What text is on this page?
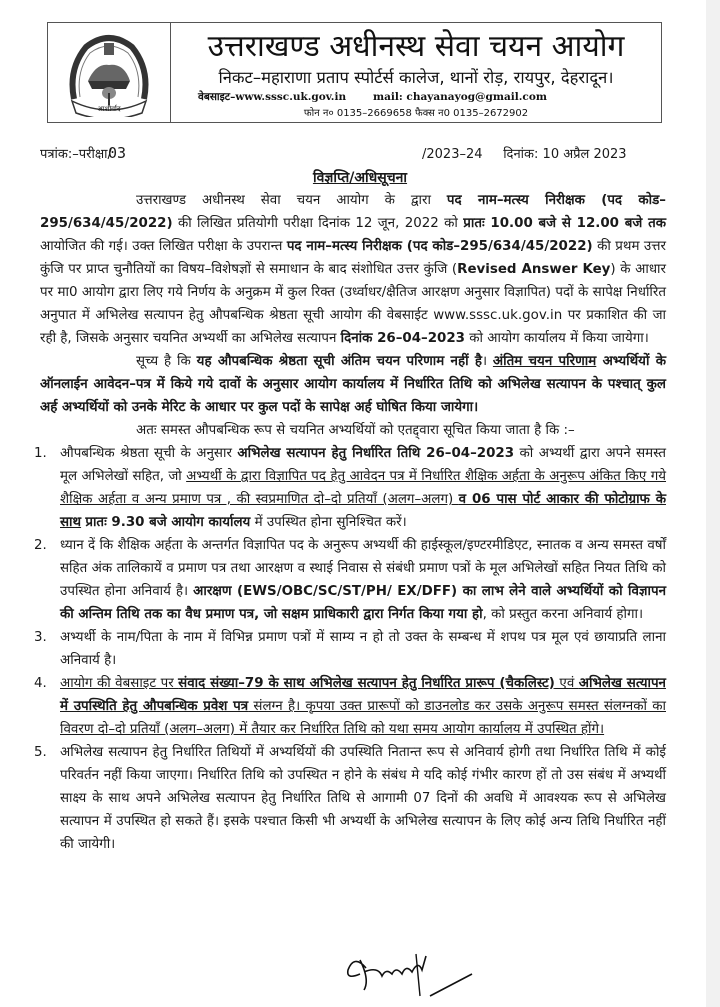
आशीर्वाद
उत्तराखण्ड अधीनस्थ सेवा चयन आयोग
निकट–महाराणा प्रताप स्पोर्टर्स कालेज, थानों रोड़, रायपुर, देहरादून।
वेबसाइट–www.sssc.uk.gov.in	mail: chayanayog@gmail.com
फोन न० 0135–2669658 फैक्स न0 0135–2672902
पत्रांक:–परीक्षा/
03	/2023–24 दिनांक: 10 अप्रैल 2023
विज्ञप्ति/अधिसूचना

उत्तराखण्ड अधीनस्थ सेवा चयन आयोग के द्वारा पद नाम–मत्स्य निरीक्षक (पद कोड–295/634/45/2022) की लिखित प्रतियोगी परीक्षा दिनांक 12 जून, 2022 को प्रातः 10.00 बजे से 12.00 बजे तक आयोजित की गई। उक्त लिखित परीक्षा के उपरान्त पद नाम–मत्स्य निरीक्षक (पद कोड–295/634/45/2022) की प्रथम उत्तर कुंजि पर प्राप्त चुनौतियों का विषय–विशेषज्ञों से समाधान के बाद संशोधित उत्तर कुंजि (Revised Answer Key) के आधार पर मा0 आयोग द्वारा लिए गये निर्णय के अनुक्रम में कुल रिक्त (उर्ध्वाधर/क्षैतिज आरक्षण अनुसार विज्ञापित) पदों के सापेक्ष निर्धारित अनुपात में अभिलेख सत्यापन हेतु औपबन्धिक श्रेष्ठता सूची आयोग की वेबसाईट www.sssc.uk.gov.in पर प्रकाशित की जा रही है, जिसके अनुसार चयनित अभ्यर्थी का अभिलेख सत्यापन दिनांक 26–04–2023 को आयोग कार्यालय में किया जायेगा।

सूच्य है कि यह औपबन्धिक श्रेष्ठता सूची अंतिम चयन परिणाम नहीं है। अंतिम चयन परिणाम अभ्यर्थियों के ऑनलाईन आवेदन–पत्र में किये गये दावों के अनुसार आयोग कार्यालय में निर्धारित तिथि को अभिलेख सत्यापन के पश्चात् कुल अर्ह अभ्यर्थियों को उनके मेरिट के आधार पर कुल पदों के सापेक्ष अर्ह घोषित किया जायेगा।

अतः समस्त औपबन्धिक रूप से चयनित अभ्यर्थियों को एतद्द्वारा सूचित किया जाता है कि :–

1. औपबन्धिक श्रेष्ठता सूची के अनुसार अभिलेख सत्यापन हेतु निर्धारित तिथि 26–04–2023 को अभ्यर्थी द्वारा अपने समस्त मूल अभिलेखों सहित, जो अभ्यर्थी के द्वारा विज्ञापित पद हेतु आवेदन पत्र में निर्धारित शैक्षिक अर्हता के अनुरूप अंकित किए गये शैक्षिक अर्हता व अन्य प्रमाण पत्र , की स्वप्रमाणित दो–दो प्रतियाँ (अलग–अलग) व 06 पास पोर्ट आकार की फोटोग्राफ के साथ प्रातः 9.30 बजे आयोग कार्यालय में उपस्थित होना सुनिश्चित करें।
2. ध्यान दें कि शैक्षिक अर्हता के अन्तर्गत विज्ञापित पद के अनुरूप अभ्यर्थी की हाईस्कूल/इण्टरमीडिएट, स्नातक व अन्य समस्त वर्षों सहित अंक तालिकायें व प्रमाण पत्र तथा आरक्षण व स्थाई निवास से संबंधी प्रमाण पत्रों के मूल अभिलेखों सहित नियत तिथि को उपस्थित होना अनिवार्य है। आरक्षण (EWS/OBC/SC/ST/PH/ EX/DFF) का लाभ लेने वाले अभ्यर्थियों को विज्ञापन की अन्तिम तिथि तक का वैध प्रमाण पत्र, जो सक्षम प्राधिकारी द्वारा निर्गत किया गया हो, को प्रस्तुत करना अनिवार्य होगा।
3. अभ्यर्थी के नाम/पिता के नाम में विभिन्न प्रमाण पत्रों में साम्य न हो तो उक्त के सम्बन्ध में शपथ पत्र मूल एवं छायाप्रति लाना अनिवार्य है।
4. आयोग की वेबसाइट पर संवाद संख्या–79 के साथ अभिलेख सत्यापन हेतु निर्धारित प्रारूप (चैकलिस्ट) एवं अभिलेख सत्यापन में उपस्थिति हेतु औपबन्धिक प्रवेश पत्र संलग्न है। कृपया उक्त प्रारूपों को डाउनलोड कर उसके अनुरूप समस्त संलग्नकों का विवरण दो–दो प्रतियाँ (अलग–अलग) में तैयार कर निर्धारित तिथि को यथा समय आयोग कार्यालय में उपस्थित होंगे।
5. अभिलेख सत्यापन हेतु निर्धारित तिथियों में अभ्यर्थियों की उपस्थिति नितान्त रूप से अनिवार्य होगी तथा निर्धारित तिथि में कोई परिवर्तन नहीं किया जाएगा। निर्धारित तिथि को उपस्थित न होने के संबंध मे यदि कोई गंभीर कारण हों तो उस संबंध में अभ्यर्थी साक्ष्य के साथ अपने अभिलेख सत्यापन हेतु निर्धारित तिथि से आगामी 07 दिनों की अवधि में आवश्यक रूप से अभिलेख सत्यापन में उपस्थित हो सकते हैं। इसके पश्चात किसी भी अभ्यर्थी के अभिलेख सत्यापन के लिए कोई अन्य तिथि निर्धारित नहीं की जायेगी।
